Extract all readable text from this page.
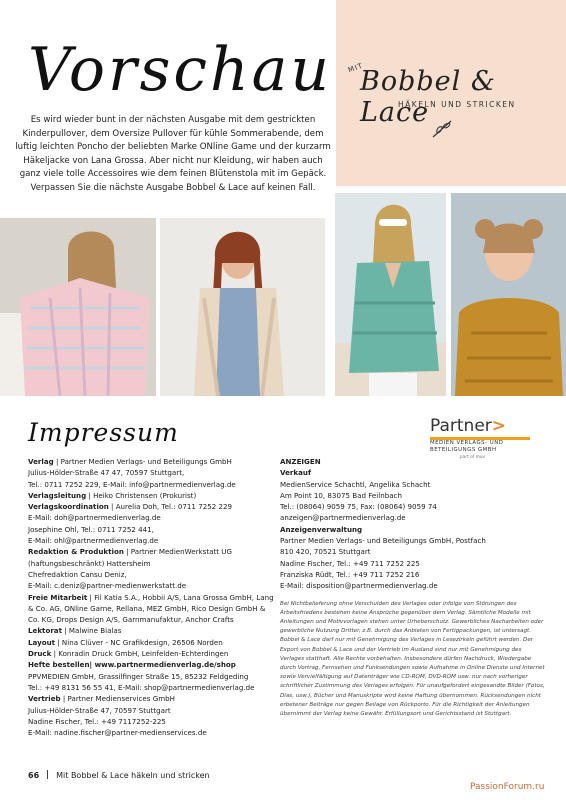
Vorschau
Es wird wieder bunt in der nächsten Ausgabe mit dem gestrickten Kinderpullover, dem Oversize Pullover für kühle Sommerabende, dem luftig leichten Poncho der beliebten Marke ONline Game und der kurzarm Häkeljacke von Lana Grossa. Aber nicht nur Kleidung, wir haben auch ganz viele tolle Accessoires wie dem feinen Blütenstola mit im Gepäck. Verpassen Sie die nächste Ausgabe Bobbel & Lace auf keinen Fall.
MIT
Bobbel & Lace
HÄKELN UND STRICKEN
Impressum	Partner>
MEDIEN VERLAGS- UND
BETEILIGUNGS GMBH
part of mux
Verlag | Partner Medien Verlags- und Beteiligungs GmbH
Julius-Hölder-Straße 47 47, 70597 Stuttgart,
Tel.: 0711 7252 229, E-Mail: info@partnermedienverlag.de
Verlagsleitung | Heiko Christensen (Prokurist)
Verlagskoordination | Aurelia Doh, Tel.: 0711 7252 229
E-Mail: doh@partnermedienverlag.de
Josephine Ohl, Tel.: 0711 7252 441,
E-Mail: ohl@partnermedienverlag.de
Redaktion & Produktion | Partner MedienWerkstatt UG
(haftungsbeschränkt) Hattersheim
Chefredaktion Cansu Deniz,
E-Mail: c.deniz@partner-medienwerkstatt.de
Freie Mitarbeit | Fil Katia S.A., Hobbii A/S, Lana Grossa GmbH, Lang
& Co. AG, ONline Garne, Rellana, MEZ GmbH, Rico Design GmbH &
Co. KG, Drops Design A/S, Garnmanufaktur, Anchor Crafts
Lektorat | Malwine Bialas
Layout | Nina Clüver - NC Grafikdesign, 26506 Norden
Druck | Konradin Druck GmbH, Leinfelden-Echterdingen
Hefte bestellen| www.partnermedienverlag.de/shop
PPVMEDIEN GmbH, Grassilfinger Straße 15, 85232 Feldgeding
Tel.: +49 8131 56 55 41, E-Mail: shop@partnermedienverlag.de
Vertrieb | Partner Medienservices GmbH
Julius-Hölder-Straße 47, 70597 Stuttgart
Nadine Fischer, Tel.: +49 7117252-225
E-Mail: nadine.fischer@partner-medienservices.de
ANZEIGEN
Verkauf
MedienService Schachtl, Angelika Schacht
Am Point 10, 83075 Bad Feilnbach
Tel.: (08064) 9059 75, Fax: (08064) 9059 74
anzeigen@partnermedienverlag.de
Anzeigenverwaltung
Partner Medien Verlags- und Beteiligungs GmbH, Postfach
810 420, 70521 Stuttgart
Nadine Fischer, Tel.: +49 711 7252 225
Franziska Rüdt, Tel.: +49 711 7252 216
E-Mail: disposition@partnermedienverlag.de
Bei Nichtbelieferung ohne Verschulden des Verlages oder infolge von Störungen des Arbeitsfriedens bestehen keine Ansprüche gegenüber dem Verlag. Sämtliche Modelle mit Anleitungen und Motivvorlagen stehen unter Urheberschutz. Gewerbliches Nacharbeiten oder gewerbliche Nutzung Dritter, z.B. durch das Anbieten von Fertigpackungen, ist untersagt. Bobbel & Lace darf nur mit Genehmigung des Verlages in Lesezirkeln geführt werden. Der Export von Bobbel & Lace und der Vertrieb im Ausland sind nur mit Genehmigung des Verlages statthaft. Alle Rechte vorbehalten. Insbesondere dürfen Nachdruck, Wiedergabe durch Vortrag, Fernsehen und Funksendungen sowie Aufnahme in Online Dienste und Internet sowie Vervielfältigung auf Datenträger wie CD-ROM, DVD-ROM usw. nur nach vorheriger schriftlicher Zustimmung des Verlages erfolgen. Für unaufgefordert eingesandte Bilder (Fotos, Dias, usw.), Bücher und Manuskripte wird keine Haftung übernommen. Rücksendungen nicht erbetener Beiträge nur gegen Beilage von Rückporto. Für die Richtigkeit der Anleitungen übernimmt der Verlag keine Gewähr. Erfüllungsort und Gerichtsstand ist Stuttgart.
66 Mit Bobbel & Lace häkeln und stricken
PassionForum.ru
